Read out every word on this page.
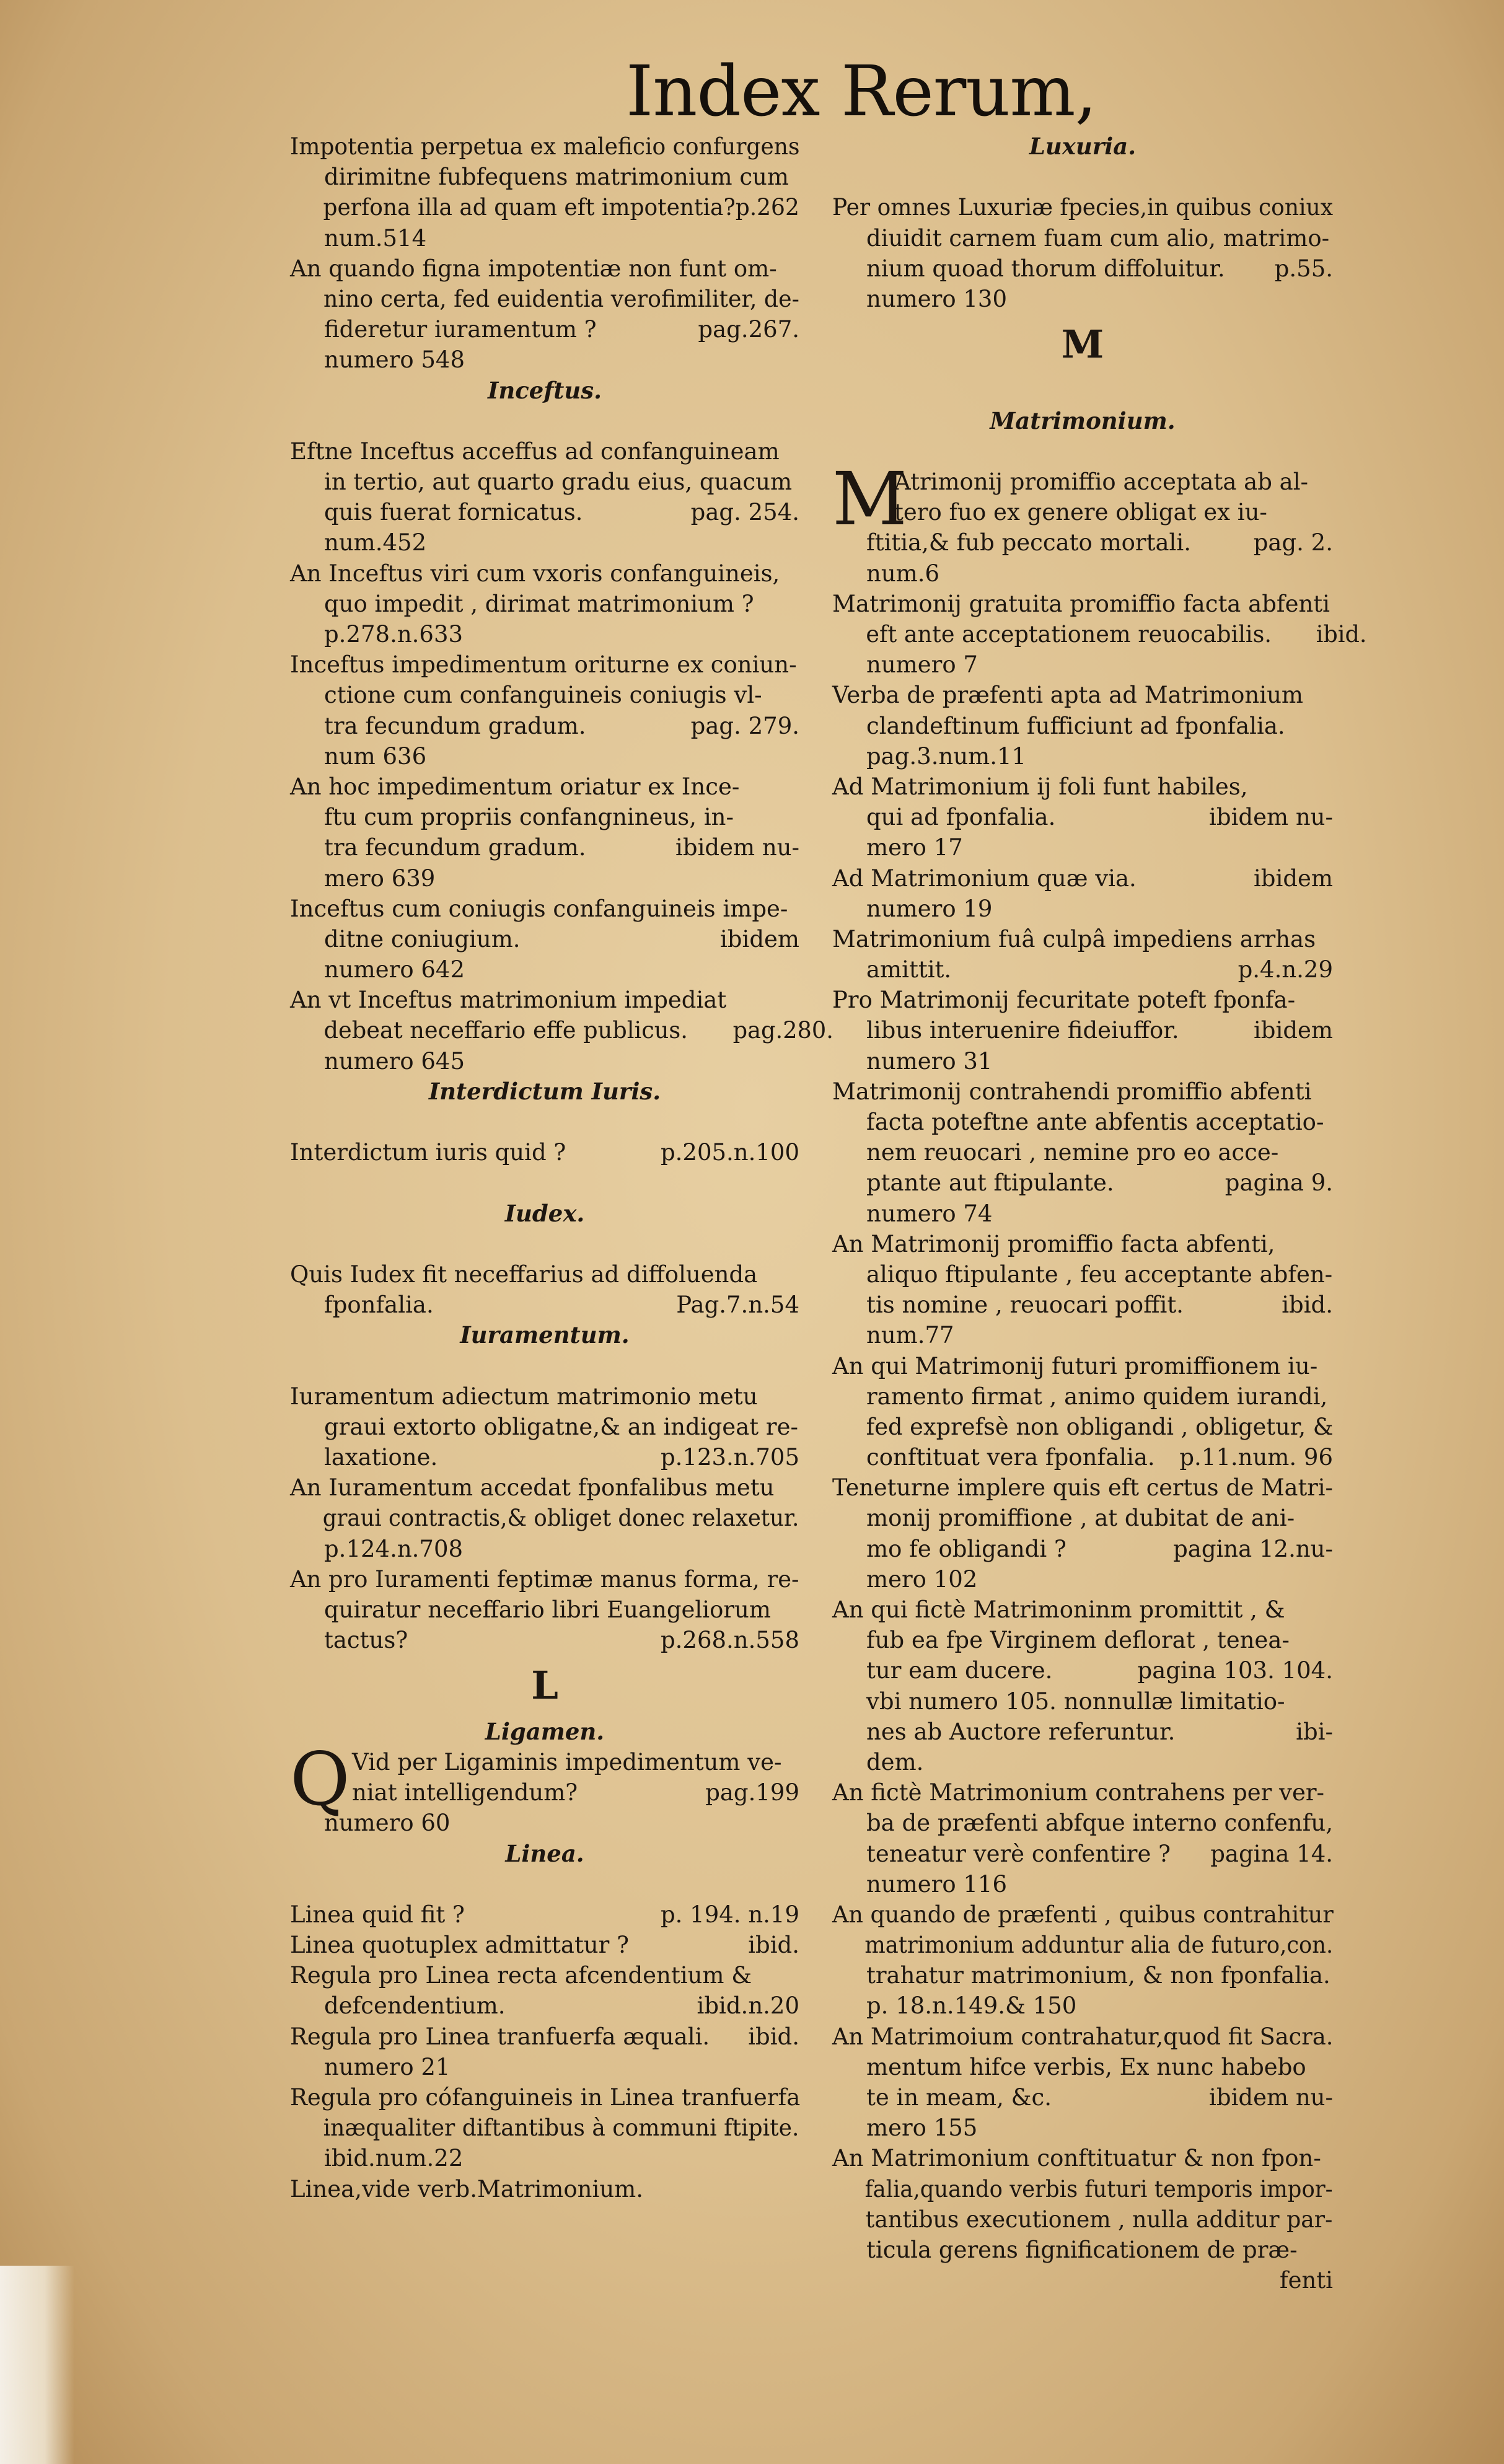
Index Rerum,
Impotentia perpetua ex maleficio confurgens
dirimitne fubfequens matrimonium cum
perfona illa ad quam eft impotentia?p.262
num.514
An quando figna impotentiæ non funt om-
nino certa, fed euidentia verofimiliter, de-
fideretur iuramentum ?	pag.267.
numero 548
Inceftus.
Eftne Inceftus acceffus ad confanguineam
in tertio, aut quarto gradu eius, quacum
quis fuerat fornicatus.	pag. 254.
num.452
An Inceftus viri cum vxoris confanguineis,
quo impedit , dirimat matrimonium ?
p.278.n.633
Inceftus impedimentum oriturne ex coniun-
ctione cum confanguineis coniugis vl-
tra fecundum gradum.	pag. 279.
num 636
An hoc impedimentum oriatur ex Ince-
ftu cum propriis confangnineus, in-
tra fecundum gradum.	ibidem nu-
mero 639
Inceftus cum coniugis confanguineis impe-
ditne coniugium.	ibidem
numero 642
An vt Inceftus matrimonium impediat
debeat neceffario effe publicus. pag.280.
numero 645
Interdictum Iuris.
Interdictum iuris quid ?	p.205.n.100
Iudex.
Quis Iudex fit neceffarius ad diffoluenda
fponfalia.	Pag.7.n.54
Iuramentum.
Iuramentum adiectum matrimonio metu
graui extorto obligatne,& an indigeat re-
laxatione.	p.123.n.705
An Iuramentum accedat fponfalibus metu
graui contractis,& obliget donec relaxetur.
p.124.n.708
An pro Iuramenti feptimæ manus forma, re-
quiratur neceffario libri Euangeliorum
tactus?	p.268.n.558
L
Ligamen.
Q Vid per Ligaminis impedimentum ve-
niat intelligendum?	pag.199
numero 60
Linea.
Linea quid fit ?	p. 194. n.19
Linea quotuplex admittatur ?	ibid.
Regula pro Linea recta afcendentium &
defcendentium.	ibid.n.20
Regula pro Linea tranfuerfa æquali. ibid.
numero 21
Regula pro cófanguineis in Linea tranfuerfa
inæqualiter diftantibus à communi ftipite.
ibid.num.22
Linea,vide verb.Matrimonium.
Luxuria.
Per omnes Luxuriæ fpecies,in quibus coniux
diuidit carnem fuam cum alio, matrimo-
nium quoad thorum diffoluitur. p.55.
numero 130
M
Matrimonium.
M
Atrimonij promiffio acceptata ab al-
tero fuo ex genere obligat ex iu-
ftitia,& fub peccato mortali.	pag. 2.
num.6
Matrimonij gratuita promiffio facta abfenti
eft ante acceptationem reuocabilis. ibid.
numero 7
Verba de præfenti apta ad Matrimonium
clandeftinum fufficiunt ad fponfalia.
pag.3.num.11
Ad Matrimonium ij foli funt habiles,
qui ad fponfalia.	ibidem nu-
mero 17
Ad Matrimonium quæ via.	ibidem
numero 19
Matrimonium fuâ culpâ impediens arrhas
amittit.	p.4.n.29
Pro Matrimonij fecuritate poteft fponfa-
libus interuenire fideiuffor.	ibidem
numero 31
Matrimonij contrahendi promiffio abfenti
facta poteftne ante abfentis acceptatio-
nem reuocari , nemine pro eo acce-
ptante aut ftipulante.	pagina 9.
numero 74
An Matrimonij promiffio facta abfenti,
aliquo ftipulante , feu acceptante abfen-
tis nomine , reuocari poffit.	ibid.
num.77
An qui Matrimonij futuri promiffionem iu-
ramento firmat , animo quidem iurandi,
fed exprefsè non obligandi , obligetur, &
conftituat vera fponfalia. p.11.num. 96
Teneturne implere quis eft certus de Matri-
monij promiffione , at dubitat de ani-
mo fe obligandi ?	pagina 12.nu-
mero 102
An qui fictè Matrimoninm promittit , &
fub ea fpe Virginem deflorat , tenea-
tur eam ducere.	pagina 103. 104.
vbi numero 105. nonnullæ limitatio-
nes ab Auctore referuntur.	ibi-
dem.
An fictè Matrimonium contrahens per ver-
ba de præfenti abfque interno confenfu,
teneatur verè confentire ? pagina 14.
numero 116
An quando de præfenti , quibus contrahitur
matrimonium adduntur alia de futuro,con.
trahatur matrimonium, & non fponfalia.
p. 18.n.149.& 150
An Matrimoium contrahatur,quod fit Sacra.
mentum hifce verbis, Ex nunc habebo
te in meam, &c.	ibidem nu-
mero 155
An Matrimonium conftituatur & non fpon-
falia,quando verbis futuri temporis impor-
tantibus executionem , nulla additur par-
ticula gerens fignificationem de præ-
fenti
